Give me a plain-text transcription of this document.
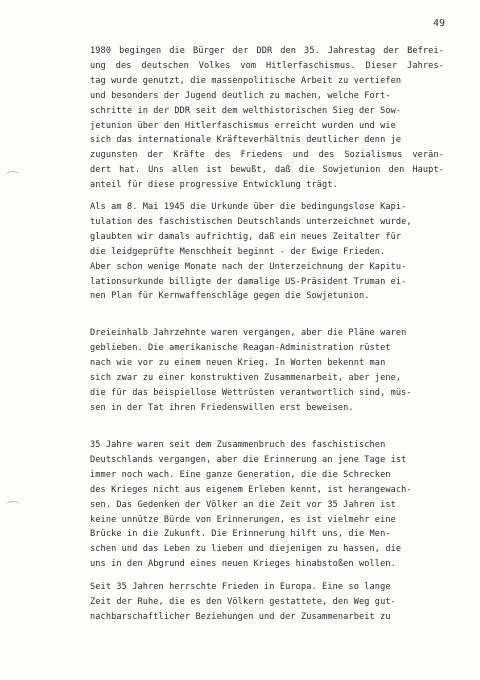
49
1980 begingen die Bürger der DDR den 35. Jahrestag der Befrei-
ung des deutschen Volkes vom Hitlerfaschismus. Dieser Jahres-
tag wurde genutzt, die massenpolitische Arbeit zu vertiefen
und besonders der Jugend deutlich zu machen, welche Fort-
schritte in der DDR seit dem welthistorischen Sieg der Sow-
jetunion über den Hitlerfaschismus erreicht wurden und wie
sich das internationale Kräfteverhältnis deutlicher denn je
zugunsten der Kräfte des Friedens und des Sozialismus verän-
dert hat. Uns allen ist bewußt, daß die Sowjetunion den Haupt-
anteil für diese progressive Entwicklung trägt.
Als am 8. Mai 1945 die Urkunde über die bedingungslose Kapi-
tulation des faschistischen Deutschlands unterzeichnet wurde,
glaubten wir damals aufrichtig, daß ein neues Zeitalter für
die leidgeprüfte Menschheit beginnt - der Ewige Frieden.
Aber schon wenige Monate nach der Unterzeichnung der Kapitu-
lationsurkunde billigte der damalige US-Präsident Truman ei-
nen Plan für Kernwaffenschläge gegen die Sowjetunion.
Dreieinhalb Jahrzehnte waren vergangen, aber die Pläne waren
geblieben. Die amerikanische Reagan-Administration rüstet
nach wie vor zu einem neuen Krieg. In Worten bekennt man
sich zwar zu einer konstruktiven Zusammenarbeit, aber jene,
die für das beispiellose Wettrüsten verantwortlich sind, müs-
sen in der Tat ihren Friedenswillen erst beweisen.
35 Jahre waren seit dem Zusammenbruch des faschistischen
Deutschlands vergangen, aber die Erinnerung an jene Tage ist
immer noch wach. Eine ganze Generation, die die Schrecken
des Krieges nicht aus eigenem Erleben kennt, ist herangewach-
sen. Das Gedenken der Völker an die Zeit vor 35 Jahren ist
keine unnütze Bürde von Erinnerungen, es ist vielmehr eine
Brücke in die Zukunft. Die Erinnerung hilft uns, die Men-
schen und das Leben zu lieben und diejenigen zu hassen, die
uns in den Abgrund eines neuen Krieges hinabstoßen wollen.
Seit 35 Jahren herrschte Frieden in Europa. Eine so lange
Zeit der Ruhe, die es den Völkern gestattete, den Weg gut-
nachbarschaftlicher Beziehungen und der Zusammenarbeit zu
